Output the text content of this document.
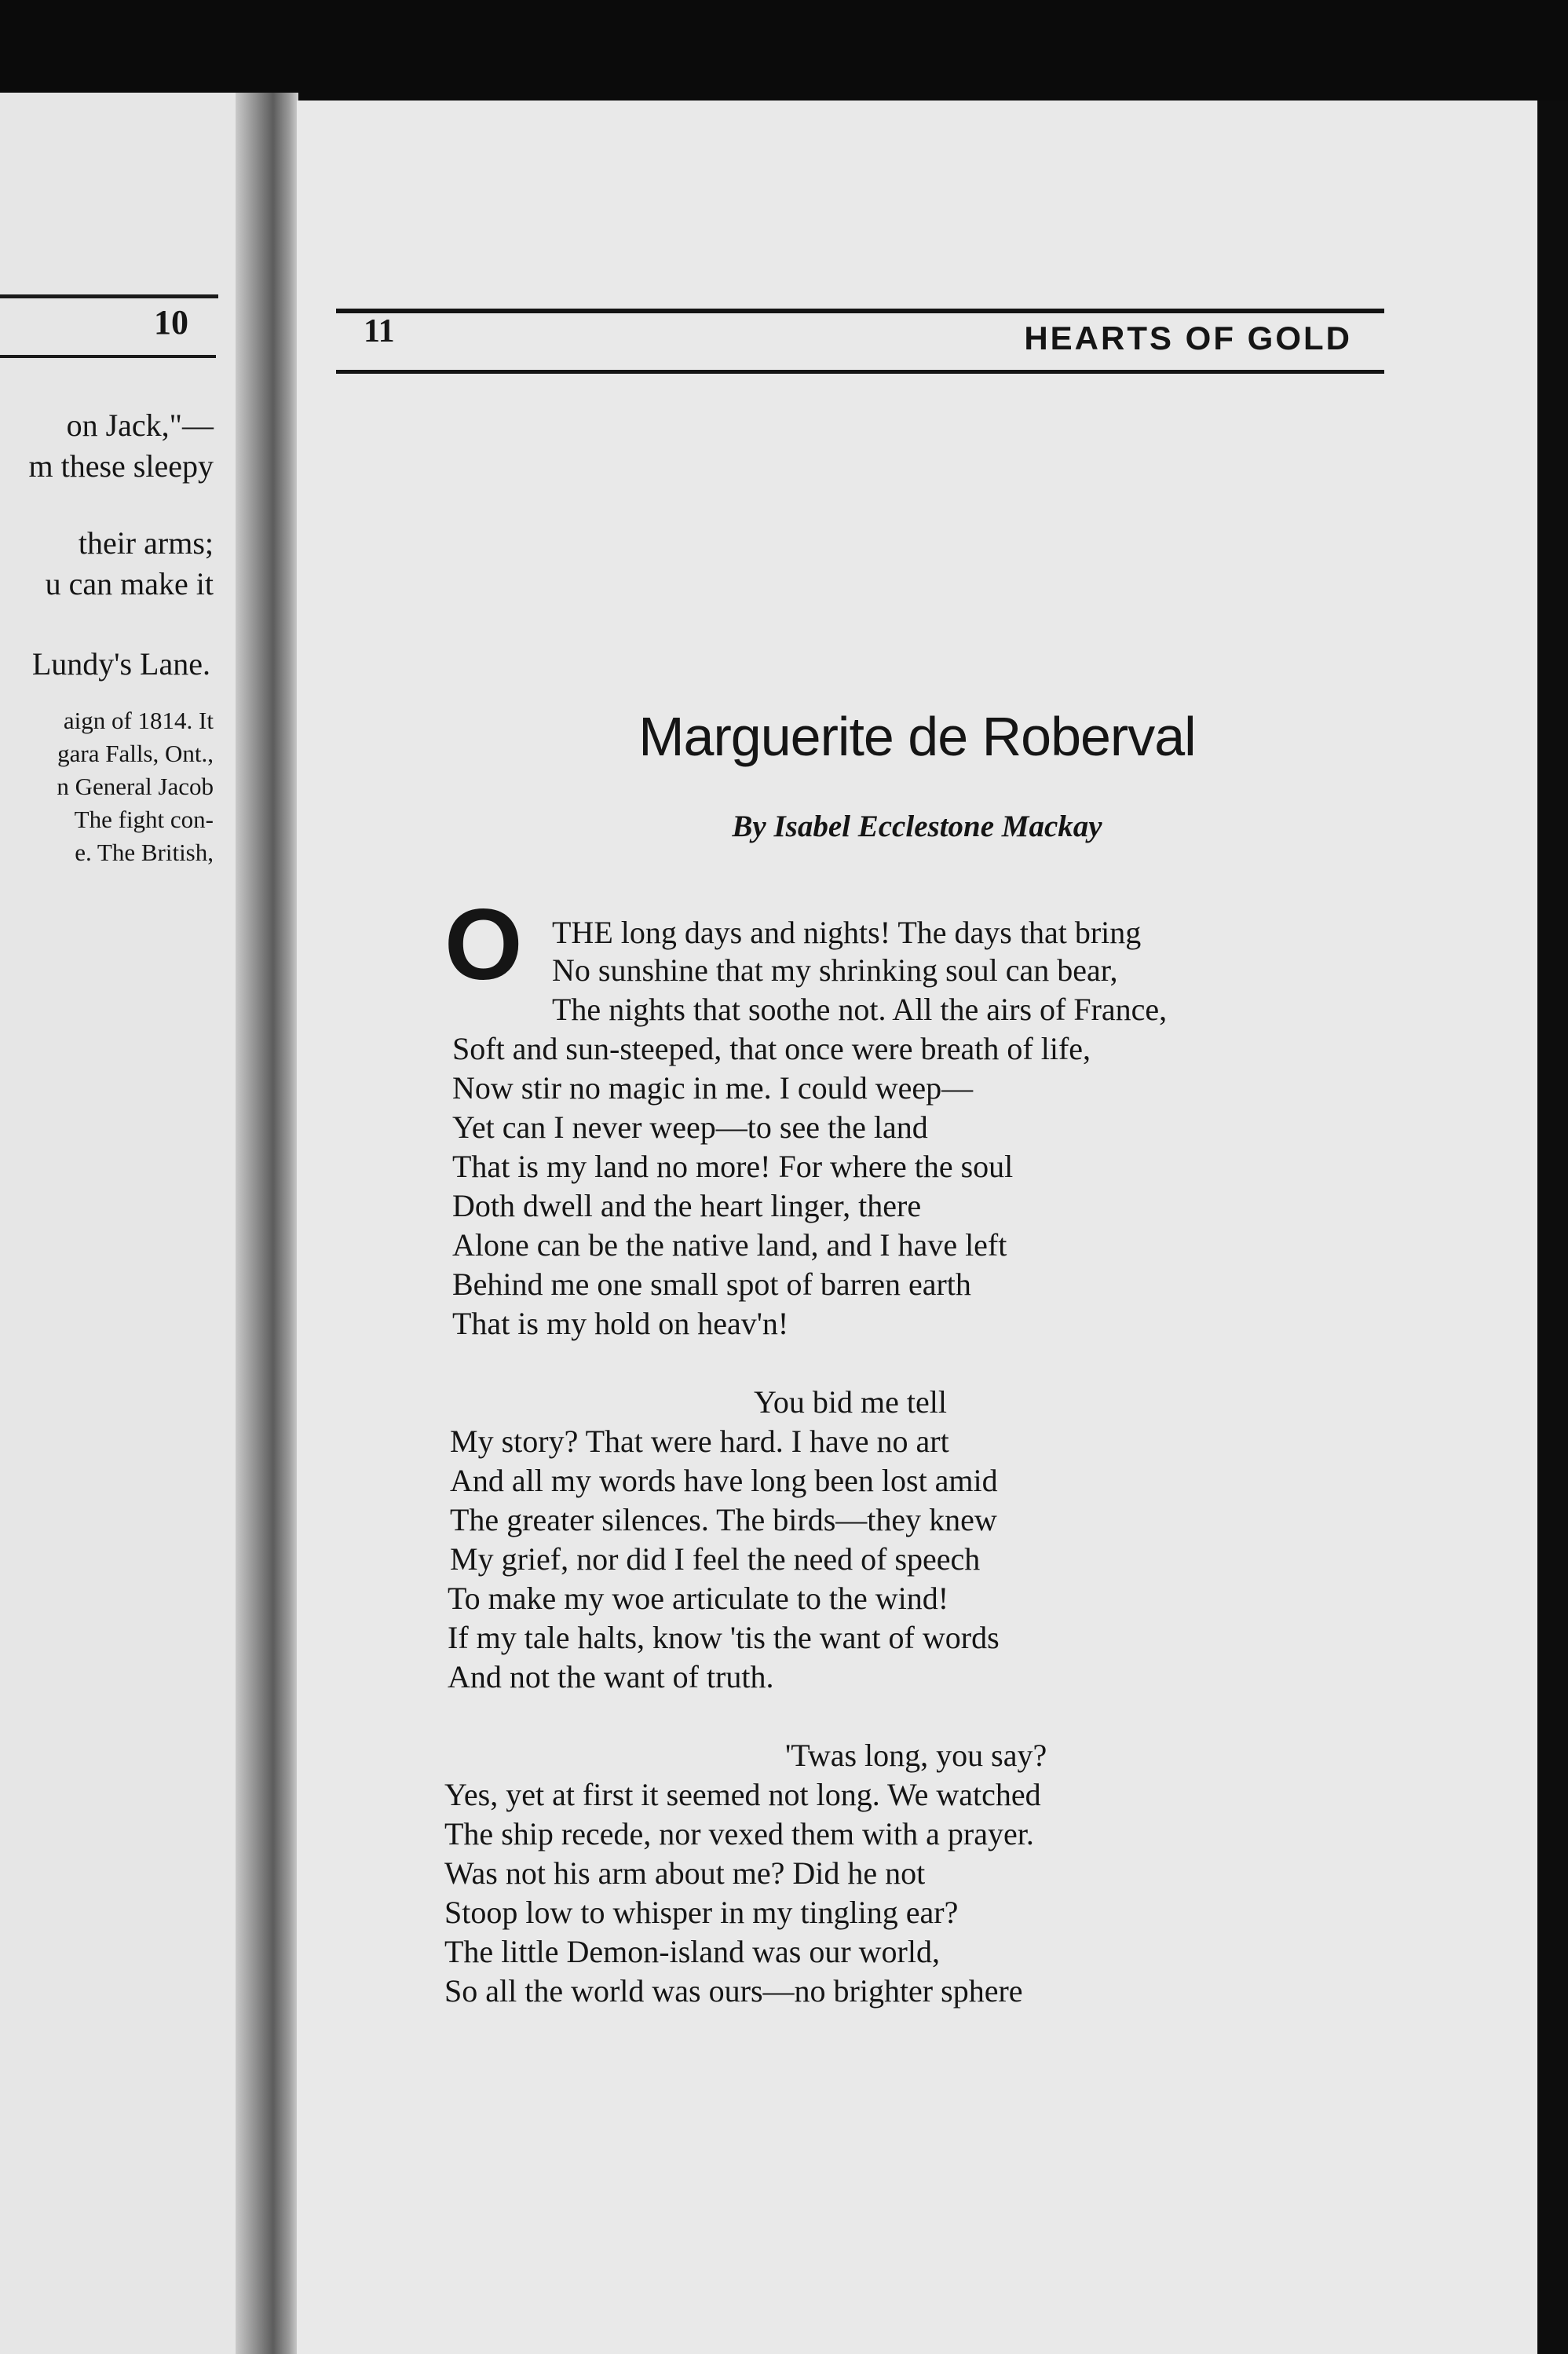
10
on Jack,"—
m these sleepy
their arms;
u can make it
Lundy's Lane.
aign of 1814. It
gara Falls, Ont.,
n General Jacob
The fight con-
e. The British,
11	HEARTS OF GOLD
Marguerite de Roberval
By Isabel Ecclestone Mackay
O THE long days and nights! The days that bring
No sunshine that my shrinking soul can bear,
The nights that soothe not. All the airs of France,
Soft and sun-steeped, that once were breath of life,
Now stir no magic in me. I could weep—
Yet can I never weep—to see the land
That is my land no more! For where the soul
Doth dwell and the heart linger, there
Alone can be the native land, and I have left
Behind me one small spot of barren earth
That is my hold on heav'n!
You bid me tell
My story? That were hard. I have no art
And all my words have long been lost amid
The greater silences. The birds—they knew
My grief, nor did I feel the need of speech
To make my woe articulate to the wind!
If my tale halts, know 'tis the want of words
And not the want of truth.
'Twas long, you say?
Yes, yet at first it seemed not long. We watched
The ship recede, nor vexed them with a prayer.
Was not his arm about me? Did he not
Stoop low to whisper in my tingling ear?
The little Demon-island was our world,
So all the world was ours—no brighter sphere
